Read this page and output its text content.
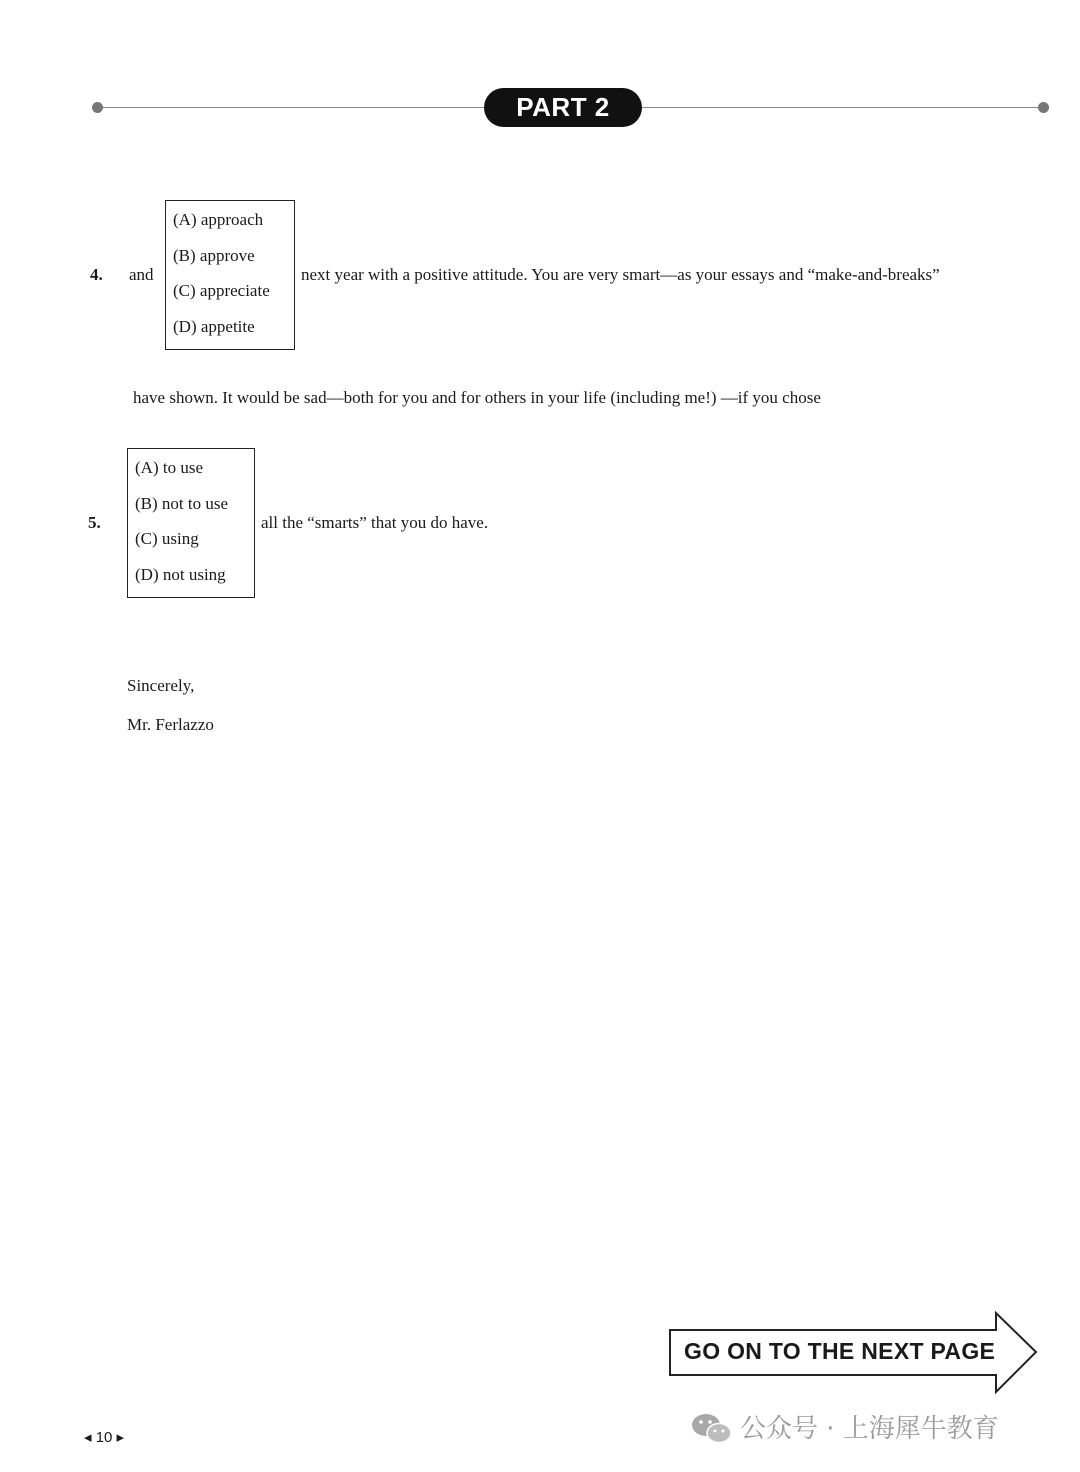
PART 2
4. and
(A) approach
(B) approve
(C) appreciate
(D) appetite
next year with a positive attitude. You are very smart—as your essays and “make-and-breaks”
have shown. It would be sad—both for you and for others in your life (including me!) —if you chose
5.
(A) to use
(B) not to use
(C) using
(D) not using
all the “smarts” that you do have.
Sincerely,
Mr. Ferlazzo
GO ON TO THE NEXT PAGE
◂ 10 ▸	公众号 · 上海犀牛教育
